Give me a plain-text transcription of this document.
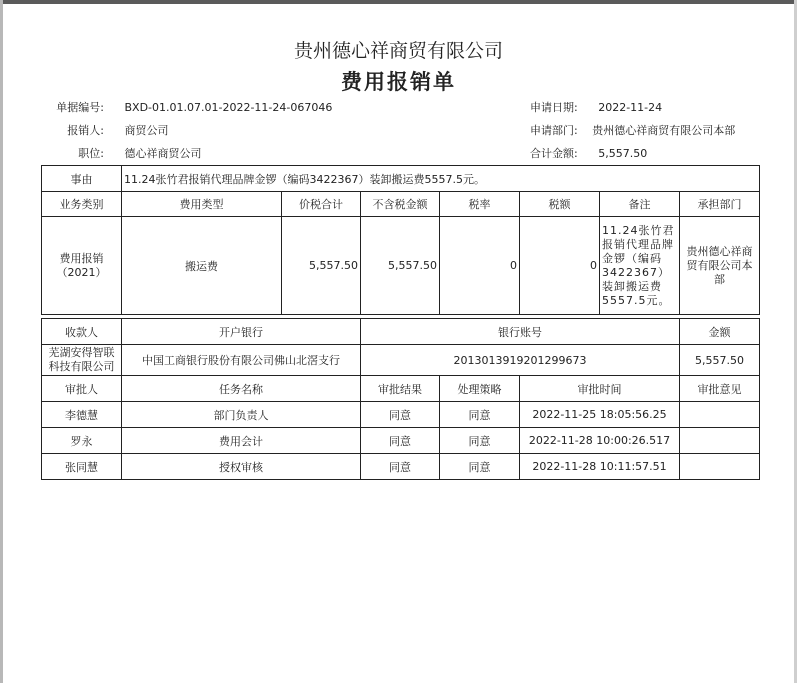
贵州德心祥商贸有限公司
费用报销单
单据编号: BXD-01.01.07.01-2022-11-24-067046	申请日期: 2022-11-24
报销人: 商贸公司	申请部门: 贵州德心祥商贸有限公司本部
职位: 德心祥商贸公司	合计金额: 5,557.50
事由	11.24张竹君报销代理品牌金锣（编码3422367）装卸搬运费5557.5元。						
业务类别	费用类型	价税合计	不含税金额	税率	税额	备注	承担部门
费用报销（2021）	搬运费	5,557.50	5,557.50	0	0	11.24张竹君报销代理品牌金锣（编码3422367）装卸搬运费5557.5元。	贵州德心祥商贸有限公司本部
收款人	开户银行	银行账号			金额
芜湖安得智联科技有限公司	中国工商银行股份有限公司佛山北滘支行	2013013919201299673			5,557.50
审批人	任务名称	审批结果	处理策略	审批时间	审批意见
李德慧	部门负责人	同意	同意	2022-11-25 18:05:56.25	
罗永	费用会计	同意	同意	2022-11-28 10:00:26.517	
张同慧	授权审核	同意	同意	2022-11-28 10:11:57.51	
